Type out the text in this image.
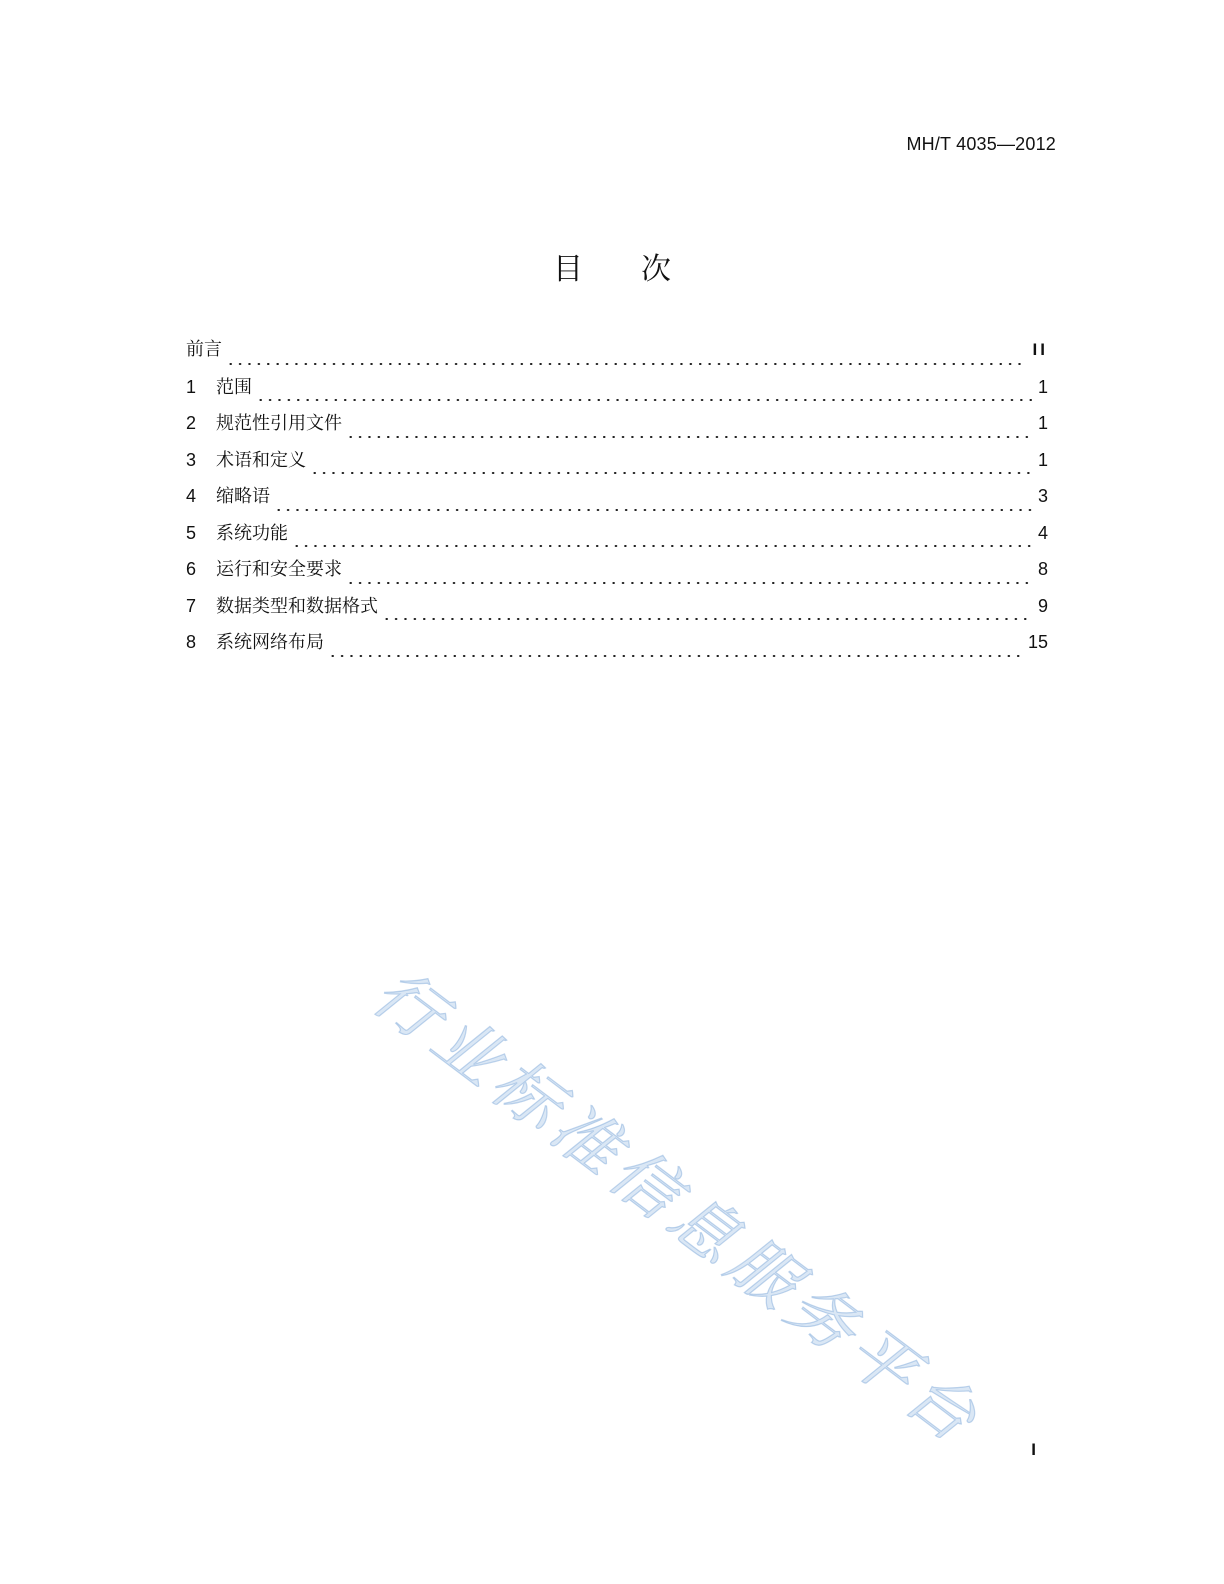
MH/T 4035—2012
目次
前言	II
1	范围	1
2	规范性引用文件	1
3	术语和定义	1
4	缩略语	3
5	系统功能	4
6	运行和安全要求	8
7	数据类型和数据格式	9
8	系统网络布局	15
行业标准信息服务平台	I
